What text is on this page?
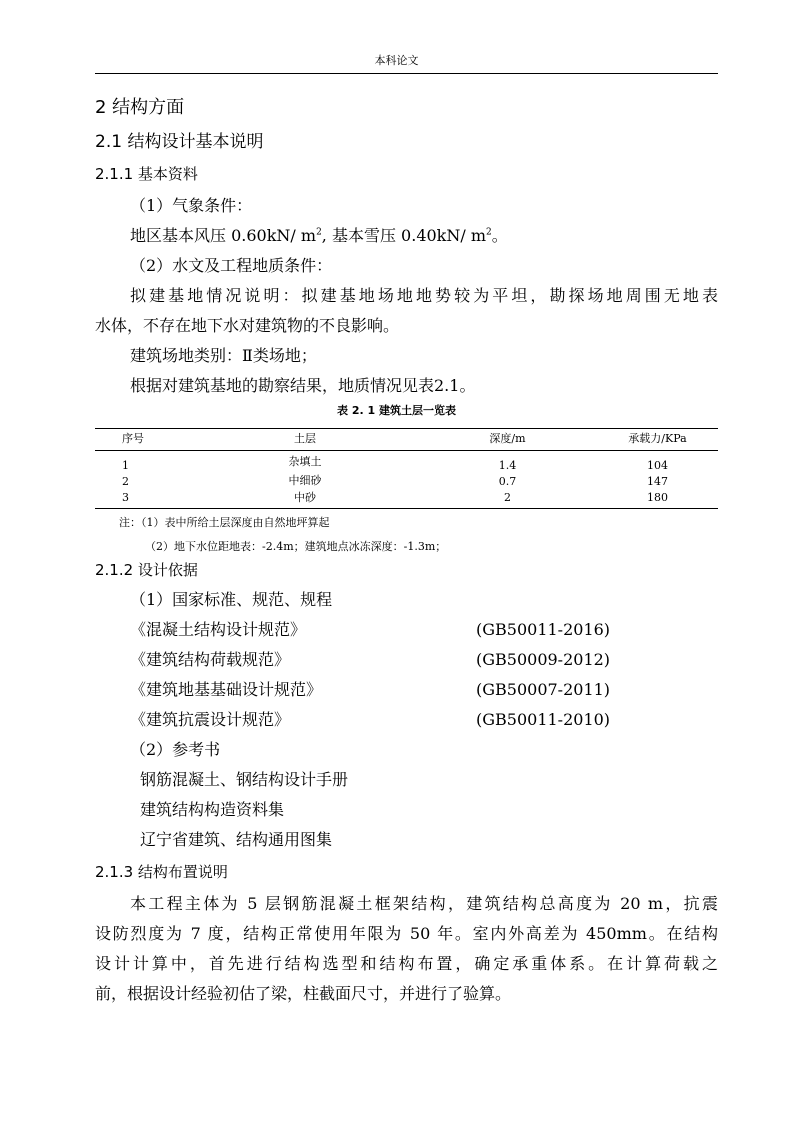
本科论文
2 结构方面
2.1 结构设计基本说明
2.1.1 基本资料
（1）气象条件：
地区基本风压 0.60kN/ $m^2$, 基本雪压 0.40kN/ $m^2$。
（2）水文及工程地质条件：
拟建基地情况说明：拟建基地场地地势较为平坦，勘探场地周围无地表
水体，不存在地下水对建筑物的不良影响。
建筑场地类别：Ⅱ类场地；
根据对建筑基地的勘察结果，地质情况见表2.1。
表 2. 1 建筑土层一览表
序号	土层	深度/m	承载力/KPa
1	杂填土	1.4	104
2	中细砂	0.7	147
3	中砂	2	180
注：（1）表中所给土层深度由自然地坪算起
（2）地下水位距地表：-2.4m；建筑地点冰冻深度：-1.3m；
2.1.2 设计依据
（1）国家标准、规范、规程
《混凝土结构设计规范》	(GB50011-2016)
《建筑结构荷载规范》	(GB50009-2012)
《建筑地基基础设计规范》	(GB50007-2011)
《建筑抗震设计规范》	(GB50011-2010)
（2）参考书
钢筋混凝土、钢结构设计手册
建筑结构构造资料集
辽宁省建筑、结构通用图集
2.1.3 结构布置说明
本工程主体为 5 层钢筋混凝土框架结构，建筑结构总高度为 20 m，抗震
设防烈度为 7 度，结构正常使用年限为 50 年。室内外高差为 450mm。在结构
设计计算中，首先进行结构选型和结构布置，确定承重体系。在计算荷载之
前，根据设计经验初估了梁，柱截面尺寸，并进行了验算。
